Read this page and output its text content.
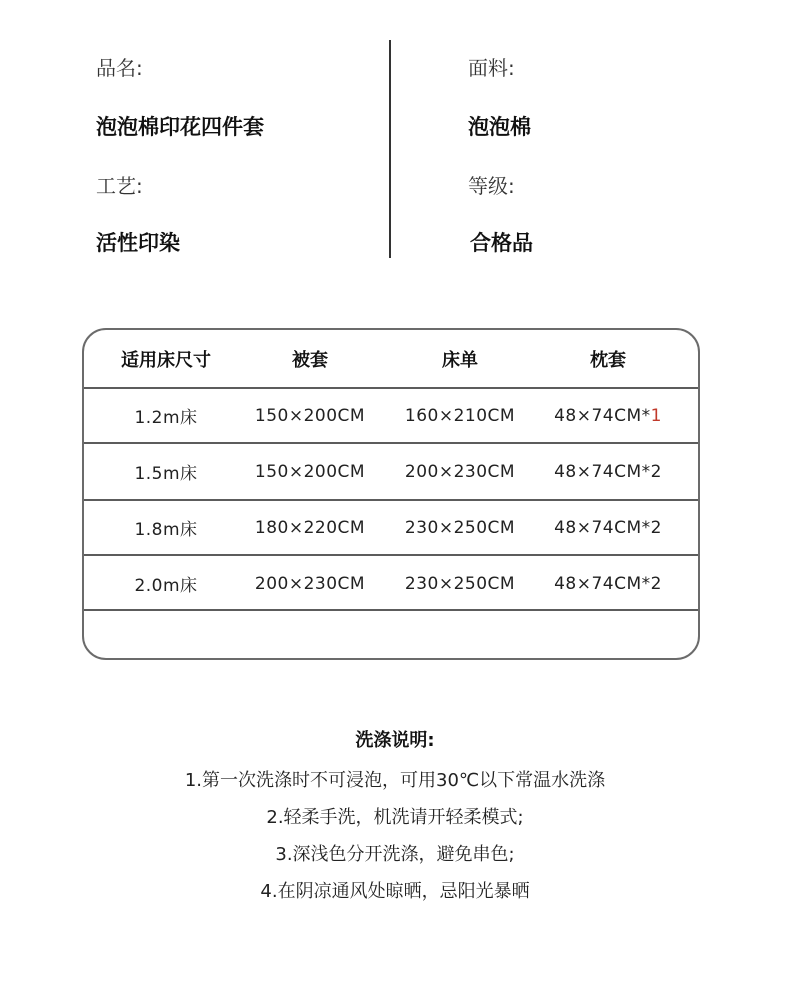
品名:
泡泡棉印花四件套
工艺:
活性印染
面料:
泡泡棉
等级:
合格品
适用床尺寸	被套	床单	枕套
1.2m床	150×200CM	160×210CM	48×74CM* 1
1.5m床	150×200CM	200×230CM	48×74CM* 2
1.8m床	180×220CM	230×250CM	48×74CM* 2
2.0m床	200×230CM	230×250CM	48×74CM* 2
洗涤说明:
1.第一次洗涤时不可浸泡，可用30℃以下常温水洗涤
2.轻柔手洗，机洗请开轻柔模式;
3.深浅色分开洗涤，避免串色;
4.在阴凉通风处晾晒，忌阳光暴晒
